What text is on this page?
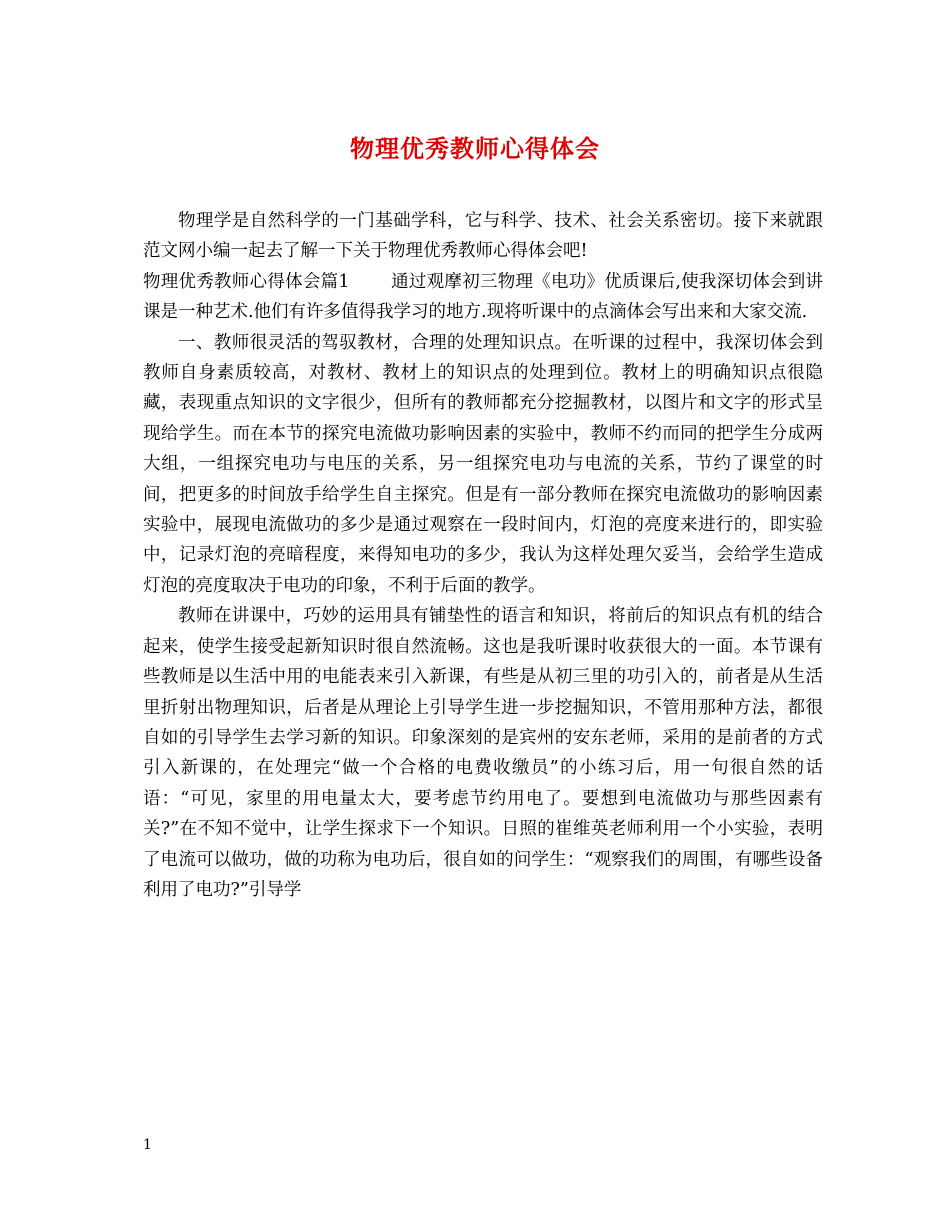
物理优秀教师心得体会

物理学是自然科学的一门基础学科，它与科学、技术、社会关系密切。接下来就跟范文网小编一起去了解一下关于物理优秀教师心得体会吧!

物理优秀教师心得体会篇1　　 通过观摩初三物理《电功》优质课后,使我深切体会到讲课是一种艺术.他们有许多值得我学习的地方.现将听课中的点滴体会写出来和大家交流.

一、教师很灵活的驾驭教材，合理的处理知识点。在听课的过程中，我深切体会到教师自身素质较高，对教材、教材上的知识点的处理到位。教材上的明确知识点很隐藏，表现重点知识的文字很少，但所有的教师都充分挖掘教材，以图片和文字的形式呈现给学生。而在本节的探究电流做功影响因素的实验中，教师不约而同的把学生分成两大组，一组探究电功与电压的关系，另一组探究电功与电流的关系，节约了课堂的时间，把更多的时间放手给学生自主探究。但是有一部分教师在探究电流做功的影响因素实验中，展现电流做功的多少是通过观察在一段时间内，灯泡的亮度来进行的，即实验中，记录灯泡的亮暗程度，来得知电功的多少，我认为这样处理欠妥当，会给学生造成灯泡的亮度取决于电功的印象，不利于后面的教学。

教师在讲课中，巧妙的运用具有铺垫性的语言和知识，将前后的知识点有机的结合起来，使学生接受起新知识时很自然流畅。这也是我听课时收获很大的一面。本节课有些教师是以生活中用的电能表来引入新课，有些是从初三里的功引入的，前者是从生活里折射出物理知识，后者是从理论上引导学生进一步挖掘知识，不管用那种方法，都很自如的引导学生去学习新的知识。印象深刻的是宾州的安东老师，采用的是前者的方式引入新课的，在处理完“做一个合格的电费收缴员”的小练习后，用一句很自然的话语：“可见，家里的用电量太大，要考虑节约用电了。要想到电流做功与那些因素有关?”在不知不觉中，让学生探求下一个知识。日照的崔维英老师利用一个小实验，表明了电流可以做功，做的功称为电功后，很自如的问学生：“观察我们的周围，有哪些设备利用了电功?”引导学

1
